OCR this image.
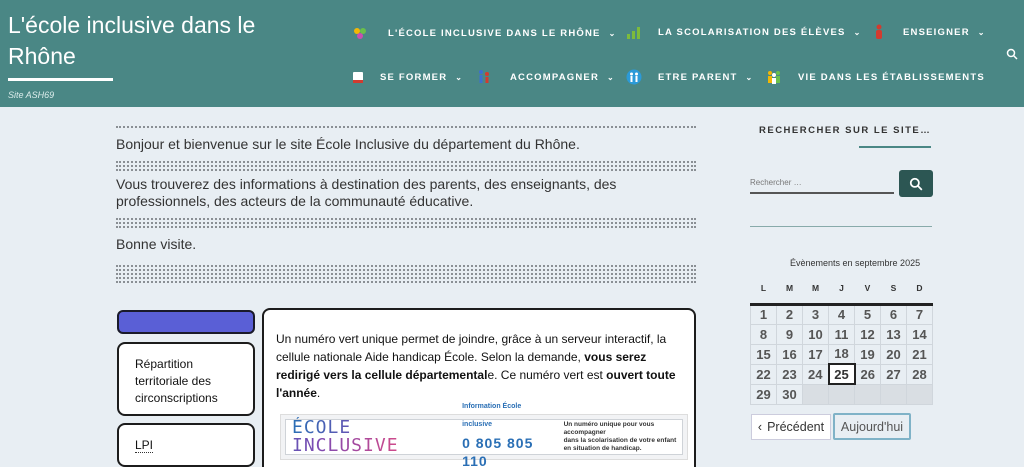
L'école inclusive dans le Rhône
Site ASH69
L'ÉCOLE INCLUSIVE DANS LE RHÔNE ⌄	LA SCOLARISATION DES ÉLÈVES ⌄	ENSEIGNER ⌄
SE FORMER ⌄	ACCOMPAGNER ⌄	ETRE PARENT ⌄	VIE DANS LES ÉTABLISSEMENTS

Bonjour et bienvenue sur le site École Inclusive du département du Rhône.

Vous trouverez des informations à destination des parents, des enseignants, des professionnels, des acteurs de la communauté éducative.

Bonne visite.

Répartition territoriale des circonscriptions
LPI

Un numéro vert unique permet de joindre, grâce à un serveur interactif, la cellule nationale Aide handicap École. Selon la demande, vous serez redirigé vers la cellule départementale. Ce numéro vert est ouvert toute l'année.

ÉCOLE INCLUSIVE
Information École inclusive
0 805 805 110
Un numéro unique pour vous accompagner
dans la scolarisation de votre enfant
en situation de handicap.
RECHERCHER SUR LE SITE…
Rechercher …
Évènements en septembre 2025
L	M	M	J	V	S	D
1	2	3	4	5	6	7
8	9	10	11	12	13	14
15	16	17	18	19	20	21
22	23	24	25	26	27	28
29	30					
‹ Précédent	Aujourd'hui
